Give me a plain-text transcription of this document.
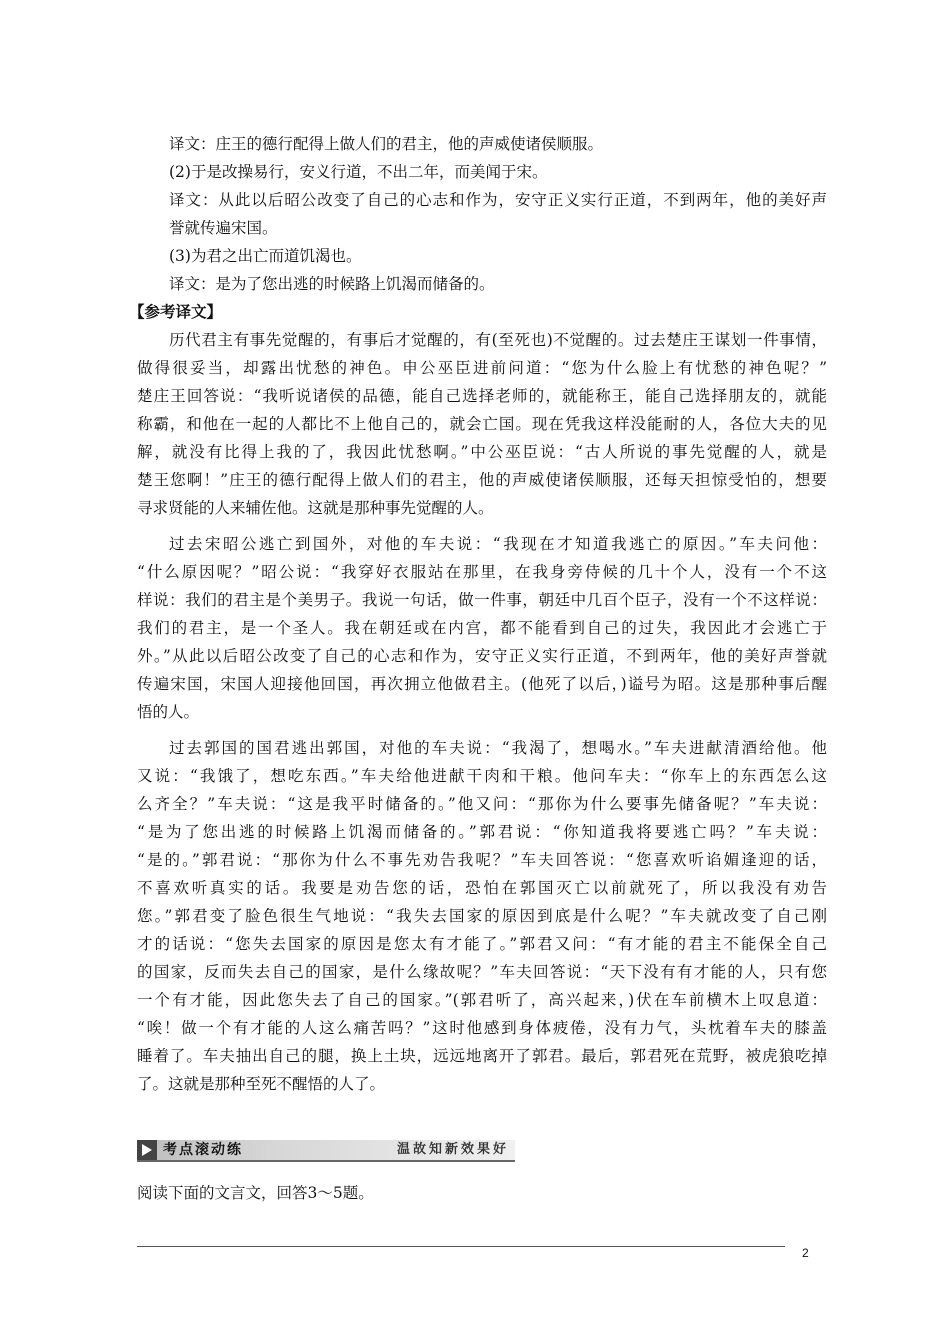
译文：庄王的德行配得上做人们的君主，他的声威使诸侯顺服。
(2)于是改操易行，安义行道，不出二年，而美闻于宋。
译文：从此以后昭公改变了自己的心志和作为，安守正义实行正道，不到两年，他的美好声
誉就传遍宋国。
(3)为君之出亡而道饥渴也。
译文：是为了您出逃的时候路上饥渴而储备的。
【参考译文】
历代君主有事先觉醒的，有事后才觉醒的，有(至死也)不觉醒的。过去楚庄王谋划一件事情，
做得很妥当，却露出忧愁的神色。申公巫臣进前问道：“您为什么脸上有忧愁的神色呢？”
楚庄王回答说：“我听说诸侯的品德，能自己选择老师的，就能称王，能自己选择朋友的，就能
称霸，和他在一起的人都比不上他自己的，就会亡国。现在凭我这样没能耐的人，各位大夫的见
解，就没有比得上我的了，我因此忧愁啊。”中公巫臣说：“古人所说的事先觉醒的人，就是
楚王您啊！”庄王的德行配得上做人们的君主，他的声威使诸侯顺服，还每天担惊受怕的，想要
寻求贤能的人来辅佐他。这就是那种事先觉醒的人。
过去宋昭公逃亡到国外，对他的车夫说：“我现在才知道我逃亡的原因。”车夫问他：
“什么原因呢？”昭公说：“我穿好衣服站在那里，在我身旁侍候的几十个人，没有一个不这
样说：我们的君主是个美男子。我说一句话，做一件事，朝廷中几百个臣子，没有一个不这样说：
我们的君主，是一个圣人。我在朝廷或在内宫，都不能看到自己的过失，我因此才会逃亡于
外。”从此以后昭公改变了自己的心志和作为，安守正义实行正道，不到两年，他的美好声誉就
传遍宋国，宋国人迎接他回国，再次拥立他做君主。(他死了以后，)谥号为昭。这是那种事后醒
悟的人。
过去郭国的国君逃出郭国，对他的车夫说：“我渴了，想喝水。”车夫进献清酒给他。他
又说：“我饿了，想吃东西。”车夫给他进献干肉和干粮。他问车夫：“你车上的东西怎么这
么齐全？”车夫说：“这是我平时储备的。”他又问：“那你为什么要事先储备呢？”车夫说：
“是为了您出逃的时候路上饥渴而储备的。”郭君说：“你知道我将要逃亡吗？”车夫说：
“是的。”郭君说：“那你为什么不事先劝告我呢？”车夫回答说：“您喜欢听谄媚逢迎的话，
不喜欢听真实的话。我要是劝告您的话，恐怕在郭国灭亡以前就死了，所以我没有劝告
您。”郭君变了脸色很生气地说：“我失去国家的原因到底是什么呢？”车夫就改变了自己刚
才的话说：“您失去国家的原因是您太有才能了。”郭君又问：“有才能的君主不能保全自己
的国家，反而失去自己的国家，是什么缘故呢？”车夫回答说：“天下没有有才能的人，只有您
一个有才能，因此您失去了自己的国家。”(郭君听了，高兴起来，)伏在车前横木上叹息道：
“唉！做一个有才能的人这么痛苦吗？”这时他感到身体疲倦，没有力气，头枕着车夫的膝盖
睡着了。车夫抽出自己的腿，换上土块，远远地离开了郭君。最后，郭君死在荒野，被虎狼吃掉
了。这就是那种至死不醒悟的人了。
考点滚动练	温故知新效果好
阅读下面的文言文，回答3～5题。
2
